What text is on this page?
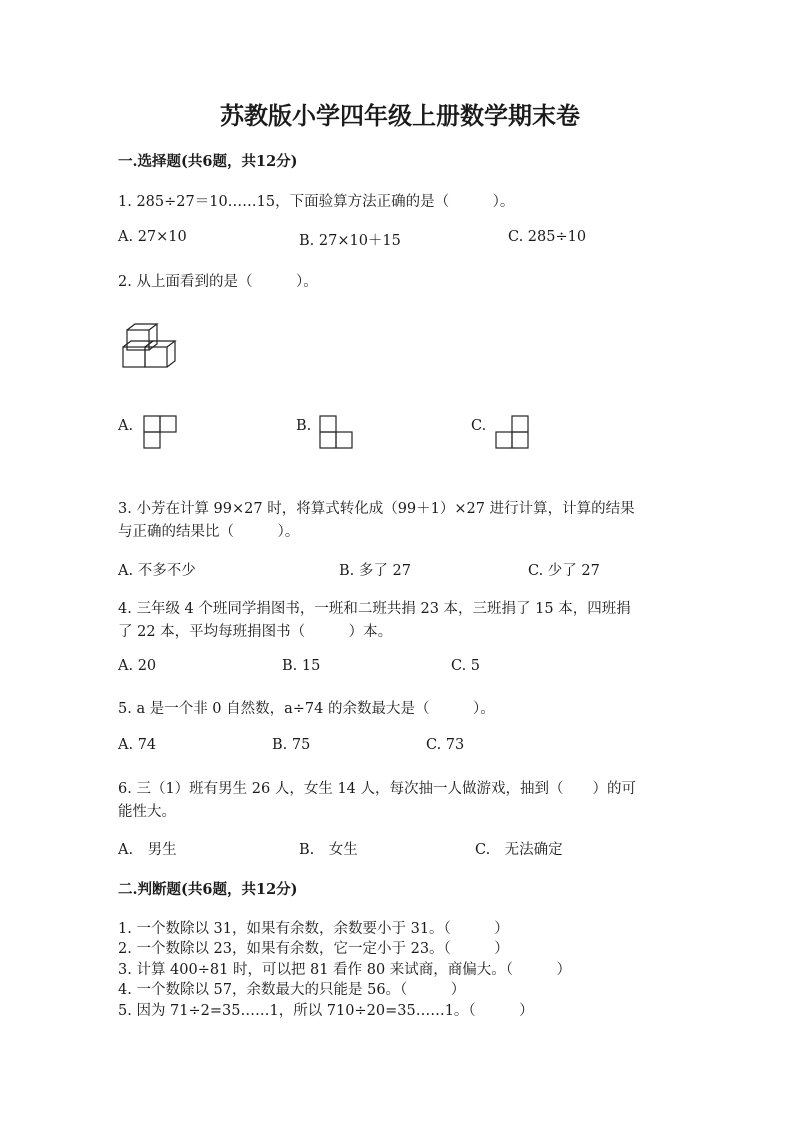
苏教版小学四年级上册数学期末卷
一.选择题(共6题，共12分)
1. 285÷27＝10……15，下面验算方法正确的是（　　　）。
A. 27×10	B. 27×10＋15	C. 285÷10
2. 从上面看到的是（　　　）。
A.	B.	C.
3. 小芳在计算 99×27 时，将算式转化成（99＋1）×27 进行计算，计算的结果
与正确的结果比（　　　）。
A. 不多不少	B. 多了 27	C. 少了 27
4. 三年级 4 个班同学捐图书，一班和二班共捐 23 本，三班捐了 15 本，四班捐
了 22 本，平均每班捐图书（　　　）本。
A. 20	B. 15	C. 5
5. a 是一个非 0 自然数，a÷74 的余数最大是（　　　）。
A. 74	B. 75	C. 73
6. 三（1）班有男生 26 人，女生 14 人，每次抽一人做游戏，抽到（　　）的可
能性大。
A.　男生	B.　女生	C.　无法确定
二.判断题(共6题，共12分)
1. 一个数除以 31，如果有余数，余数要小于 31。（　　　）
2. 一个数除以 23，如果有余数，它一定小于 23。（　　　）
3. 计算 400÷81 时，可以把 81 看作 80 来试商，商偏大。（　　　）
4. 一个数除以 57，余数最大的只能是 56。（　　　）
5. 因为 71÷2=35……1，所以 710÷20=35……1。（　　　）
